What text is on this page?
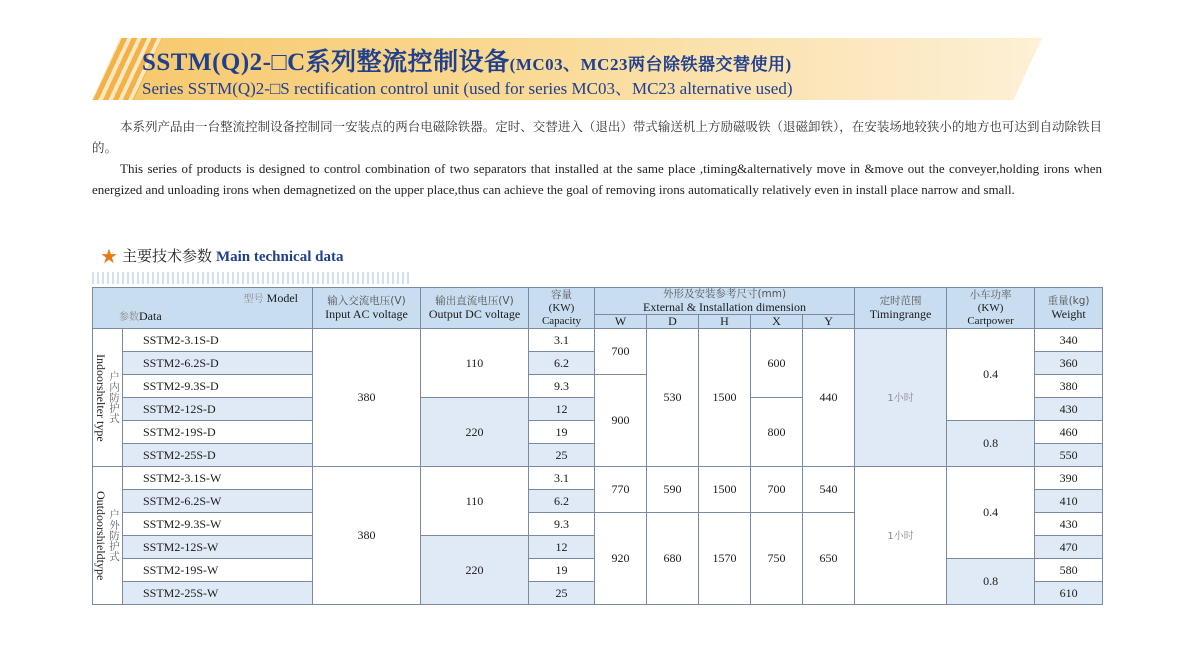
SSTM(Q)2-□C系列整流控制设备(MC03、MC23两台除铁器交替使用)
Series SSTM(Q)2-□S rectification control unit (used for series MC03、MC23 alternative used)

本系列产品由一台整流控制设备控制同一安装点的两台电磁除铁器。定时、交替进入（退出）带式输送机上方励磁吸铁（退磁卸铁），在安装场地较狭小的地方也可达到自动除铁目的。

This series of products is designed to control combination of two separators that installed at the same place ,timing&alternatively move in &move out the conveyer,holding irons when energized and unloading irons when demagnetized on the upper place,thus can achieve the goal of removing irons automatically relatively even in install place narrow and small.

★ 主要技术参数 Main technical data
型号 Model
参数Data		输入交流电压(V)
Input AC voltage	输出直流电压(V)
Output DC voltage	容量
(KW)
Capacity	外形及安装参考尺寸(mm)
External & Installation dimension					定时范围
Timingrange	小车功率
(KW)
Cartpower	重量(kg)
Weight

					W	D	H	X	Y			

Indoorshelter type 户内防护式	SSTM2-3.1S-D	380	110	3.1	700	530	1500	600	440	1小时	0.4	340
	SSTM2-6.2S-D			6.2								360
	SSTM2-9.3S-D			9.3	900							380
	SSTM2-12S-D		220	12				800				430
	SSTM2-19S-D			19							0.8	460
	SSTM2-25S-D			25								550

Outdoorshieldtype 户外防护式	SSTM2-3.1S-W	380	110	3.1	770	590	1500	700	540	1小时	0.4	390
	SSTM2-6.2S-W			6.2								410
	SSTM2-9.3S-W			9.3	920	680	1570	750	650			430
	SSTM2-12S-W		220	12								470
	SSTM2-19S-W			19							0.8	580
	SSTM2-25S-W			25								610
